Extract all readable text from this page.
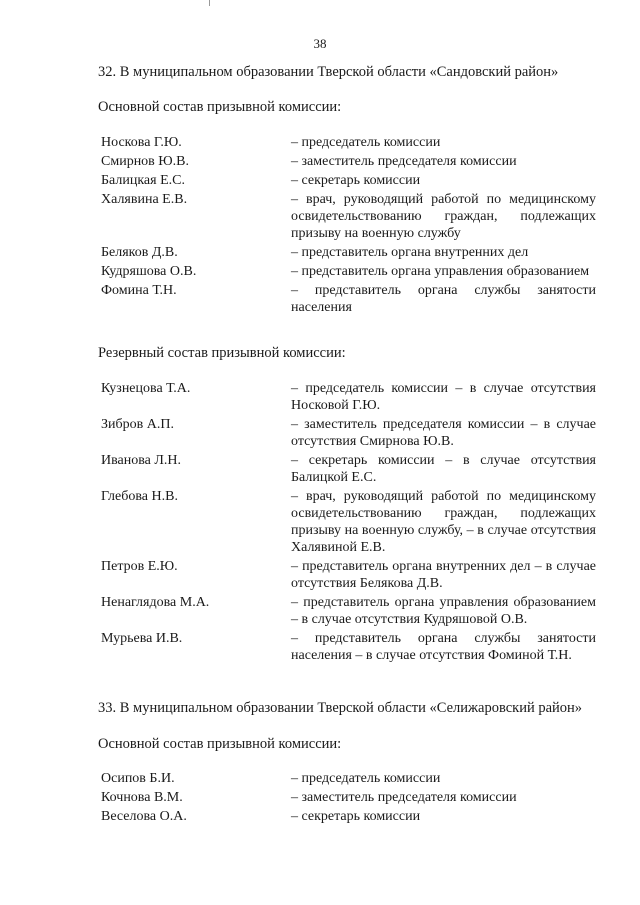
38
32. В муниципальном образовании Тверской области «Сандовский район»
Основной состав призывной комиссии:
Носкова Г.Ю.	– председатель комиссии
Смирнов Ю.В.	– заместитель председателя комиссии
Балицкая Е.С.	– секретарь комиссии
Халявина Е.В.	– врач, руководящий работой по медицинскому освидетельствованию граждан, подлежащих призыву на военную службу
Беляков Д.В.	– представитель органа внутренних дел
Кудряшова О.В.	– представитель органа управления образованием
Фомина Т.Н.	– представитель органа службы занятости населения
Резервный состав призывной комиссии:
Кузнецова Т.А.	– председатель комиссии – в случае отсутствия Носковой Г.Ю.
Зибров А.П.	– заместитель председателя комиссии – в случае отсутствия Смирнова Ю.В.
Иванова Л.Н.	– секретарь комиссии – в случае отсутствия Балицкой Е.С.
Глебова Н.В.	– врач, руководящий работой по медицинскому освидетельствованию граждан, подлежащих призыву на военную службу, – в случае отсутствия Халявиной Е.В.
Петров Е.Ю.	– представитель органа внутренних дел – в случае отсутствия Белякова Д.В.
Ненаглядова М.А.	– представитель органа управления образованием – в случае отсутствия Кудряшовой О.В.
Мурьева И.В.	– представитель органа службы занятости населения – в случае отсутствия Фоминой Т.Н.
33. В муниципальном образовании Тверской области «Селижаровский район»
Основной состав призывной комиссии:
Осипов Б.И.	– председатель комиссии
Кочнова В.М.	– заместитель председателя комиссии
Веселова О.А.	– секретарь комиссии
